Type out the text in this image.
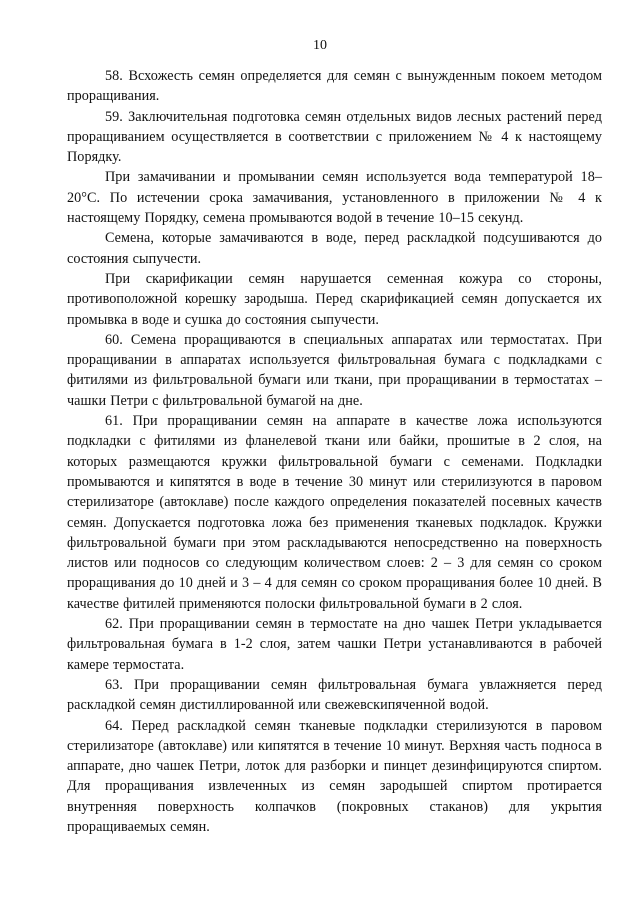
10

58. Всхожесть семян определяется для семян с вынужденным покоем методом проращивания.

59. Заключительная подготовка семян отдельных видов лесных растений перед проращиванием осуществляется в соответствии с приложением № 4 к настоящему Порядку.

При замачивании и промывании семян используется вода температурой 18–20°С. По истечении срока замачивания, установленного в приложении № 4 к настоящему Порядку, семена промываются водой в течение 10–15 секунд.

Семена, которые замачиваются в воде, перед раскладкой подсушиваются до состояния сыпучести.

При скарификации семян нарушается семенная кожура со стороны, противоположной корешку зародыша. Перед скарификацией семян допускается их промывка в воде и сушка до состояния сыпучести.

60. Семена проращиваются в специальных аппаратах или термостатах. При проращивании в аппаратах используется фильтровальная бумага с подкладками с фитилями из фильтровальной бумаги или ткани, при проращивании в термостатах – чашки Петри с фильтровальной бумагой на дне.

61. При проращивании семян на аппарате в качестве ложа используются подкладки с фитилями из фланелевой ткани или байки, прошитые в 2 слоя, на которых размещаются кружки фильтровальной бумаги с семенами. Подкладки промываются и кипятятся в воде в течение 30 минут или стерилизуются в паровом стерилизаторе (автоклаве) после каждого определения показателей посевных качеств семян. Допускается подготовка ложа без применения тканевых подкладок. Кружки фильтровальной бумаги при этом раскладываются непосредственно на поверхность листов или подносов со следующим количеством слоев: 2 – 3 для семян со сроком проращивания до 10 дней и 3 – 4 для семян со сроком проращивания более 10 дней. В качестве фитилей применяются полоски фильтровальной бумаги в 2 слоя.

62. При проращивании семян в термостате на дно чашек Петри укладывается фильтровальная бумага в 1-2 слоя, затем чашки Петри устанавливаются в рабочей камере термостата.

63. При проращивании семян фильтровальная бумага увлажняется перед раскладкой семян дистиллированной или свежевскипяченной водой.

64. Перед раскладкой семян тканевые подкладки стерилизуются в паровом стерилизаторе (автоклаве) или кипятятся в течение 10 минут. Верхняя часть подноса в аппарате, дно чашек Петри, лоток для разборки и пинцет дезинфицируются спиртом. Для проращивания извлеченных из семян зародышей спиртом протирается внутренняя поверхность колпачков (покровных стаканов) для укрытия проращиваемых семян.
